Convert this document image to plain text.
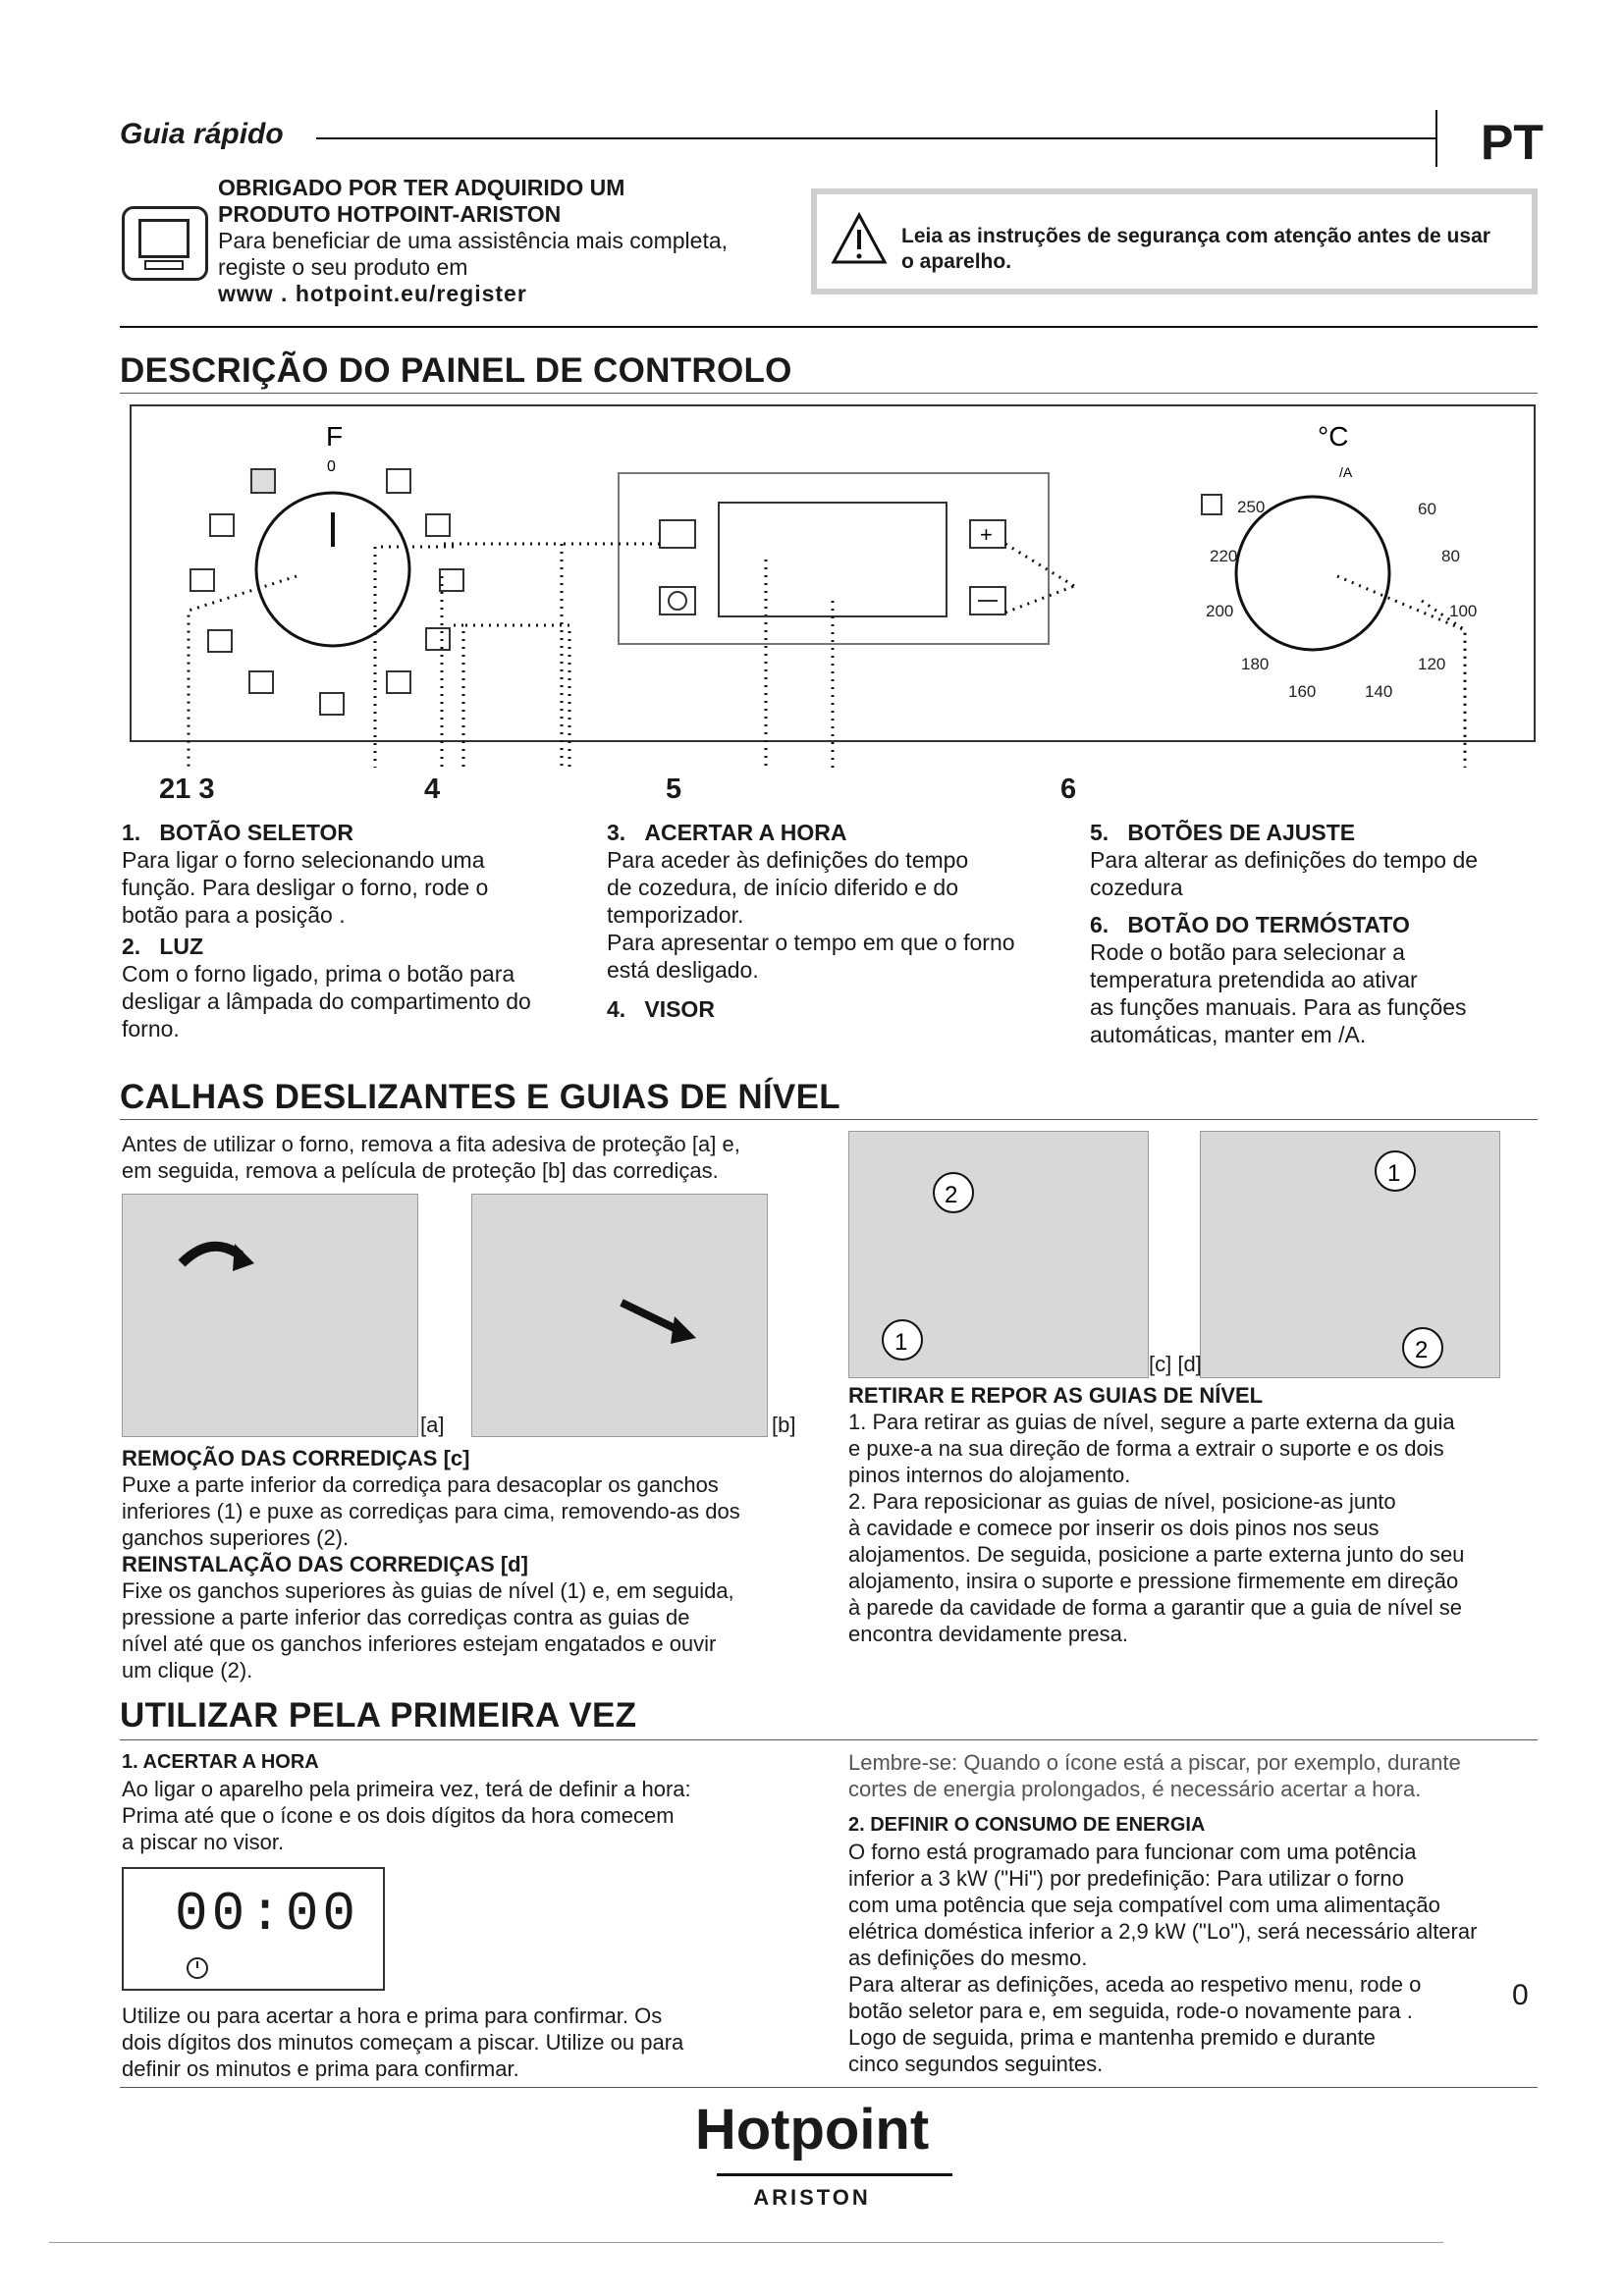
Guia rápido	PT
OBRIGADO POR TER ADQUIRIDO UM
PRODUTO HOTPOINT-ARISTON
Para beneficiar de uma assistência mais completa,
registe o seu produto em
www . hotpoint.eu/register
Leia as instruções de segurança com atenção antes de usar
o aparelho.
DESCRIÇÃO DO PAINEL DE CONTROLO
F
0
+
°C
/A
250	60
220	80
200	100
180	120
160	140
21 3	4	5	6
1. BOTÃO SELETOR
Para ligar o forno selecionando uma
função. Para desligar o forno, rode o
botão para a posição .
2. LUZ
Com o forno ligado, prima o botão para
desligar a lâmpada do compartimento do
forno.
3. ACERTAR A HORA
Para aceder às definições do tempo
de cozedura, de início diferido e do
temporizador.
Para apresentar o tempo em que o forno
está desligado.
4. VISOR
5. BOTÕES DE AJUSTE
Para alterar as definições do tempo de
cozedura
6. BOTÃO DO TERMÓSTATO
Rode o botão para selecionar a
temperatura pretendida ao ativar
as funções manuais. Para as funções
automáticas, manter em /A.
CALHAS DESLIZANTES E GUIAS DE NÍVEL
Antes de utilizar o forno, remova a fita adesiva de proteção [a] e,
em seguida, remova a película de proteção [b] das corrediças.
[a]	[b]
2
1
1
2
[c] [d]
REMOÇÃO DAS CORREDIÇAS [c]
Puxe a parte inferior da corrediça para desacoplar os ganchos
inferiores (1) e puxe as corrediças para cima, removendo-as dos
ganchos superiores (2).
REINSTALAÇÃO DAS CORREDIÇAS [d]
Fixe os ganchos superiores às guias de nível (1) e, em seguida,
pressione a parte inferior das corrediças contra as guias de
nível até que os ganchos inferiores estejam engatados e ouvir
um clique (2).
RETIRAR E REPOR AS GUIAS DE NÍVEL
1. Para retirar as guias de nível, segure a parte externa da guia
e puxe-a na sua direção de forma a extrair o suporte e os dois
pinos internos do alojamento.
2. Para reposicionar as guias de nível, posicione-as junto
à cavidade e comece por inserir os dois pinos nos seus
alojamentos. De seguida, posicione a parte externa junto do seu
alojamento, insira o suporte e pressione firmemente em direção
à parede da cavidade de forma a garantir que a guia de nível se
encontra devidamente presa.
UTILIZAR PELA PRIMEIRA VEZ
1. ACERTAR A HORA
Ao ligar o aparelho pela primeira vez, terá de definir a hora:
Prima até que o ícone e os dois dígitos da hora comecem
a piscar no visor.
00:00
Utilize ou para acertar a hora e prima para confirmar. Os
dois dígitos dos minutos começam a piscar. Utilize ou para
definir os minutos e prima para confirmar.
Lembre-se: Quando o ícone está a piscar, por exemplo, durante
cortes de energia prolongados, é necessário acertar a hora.
2. DEFINIR O CONSUMO DE ENERGIA
O forno está programado para funcionar com uma potência
inferior a 3 kW ("Hi") por predefinição: Para utilizar o forno
com uma potência que seja compatível com uma alimentação
elétrica doméstica inferior a 2,9 kW ("Lo"), será necessário alterar
as definições do mesmo.
Para alterar as definições, aceda ao respetivo menu, rode o
botão seletor para e, em seguida, rode-o novamente para .
Logo de seguida, prima e mantenha premido e durante
cinco segundos seguintes.
0
Hotpoint
ARISTON
